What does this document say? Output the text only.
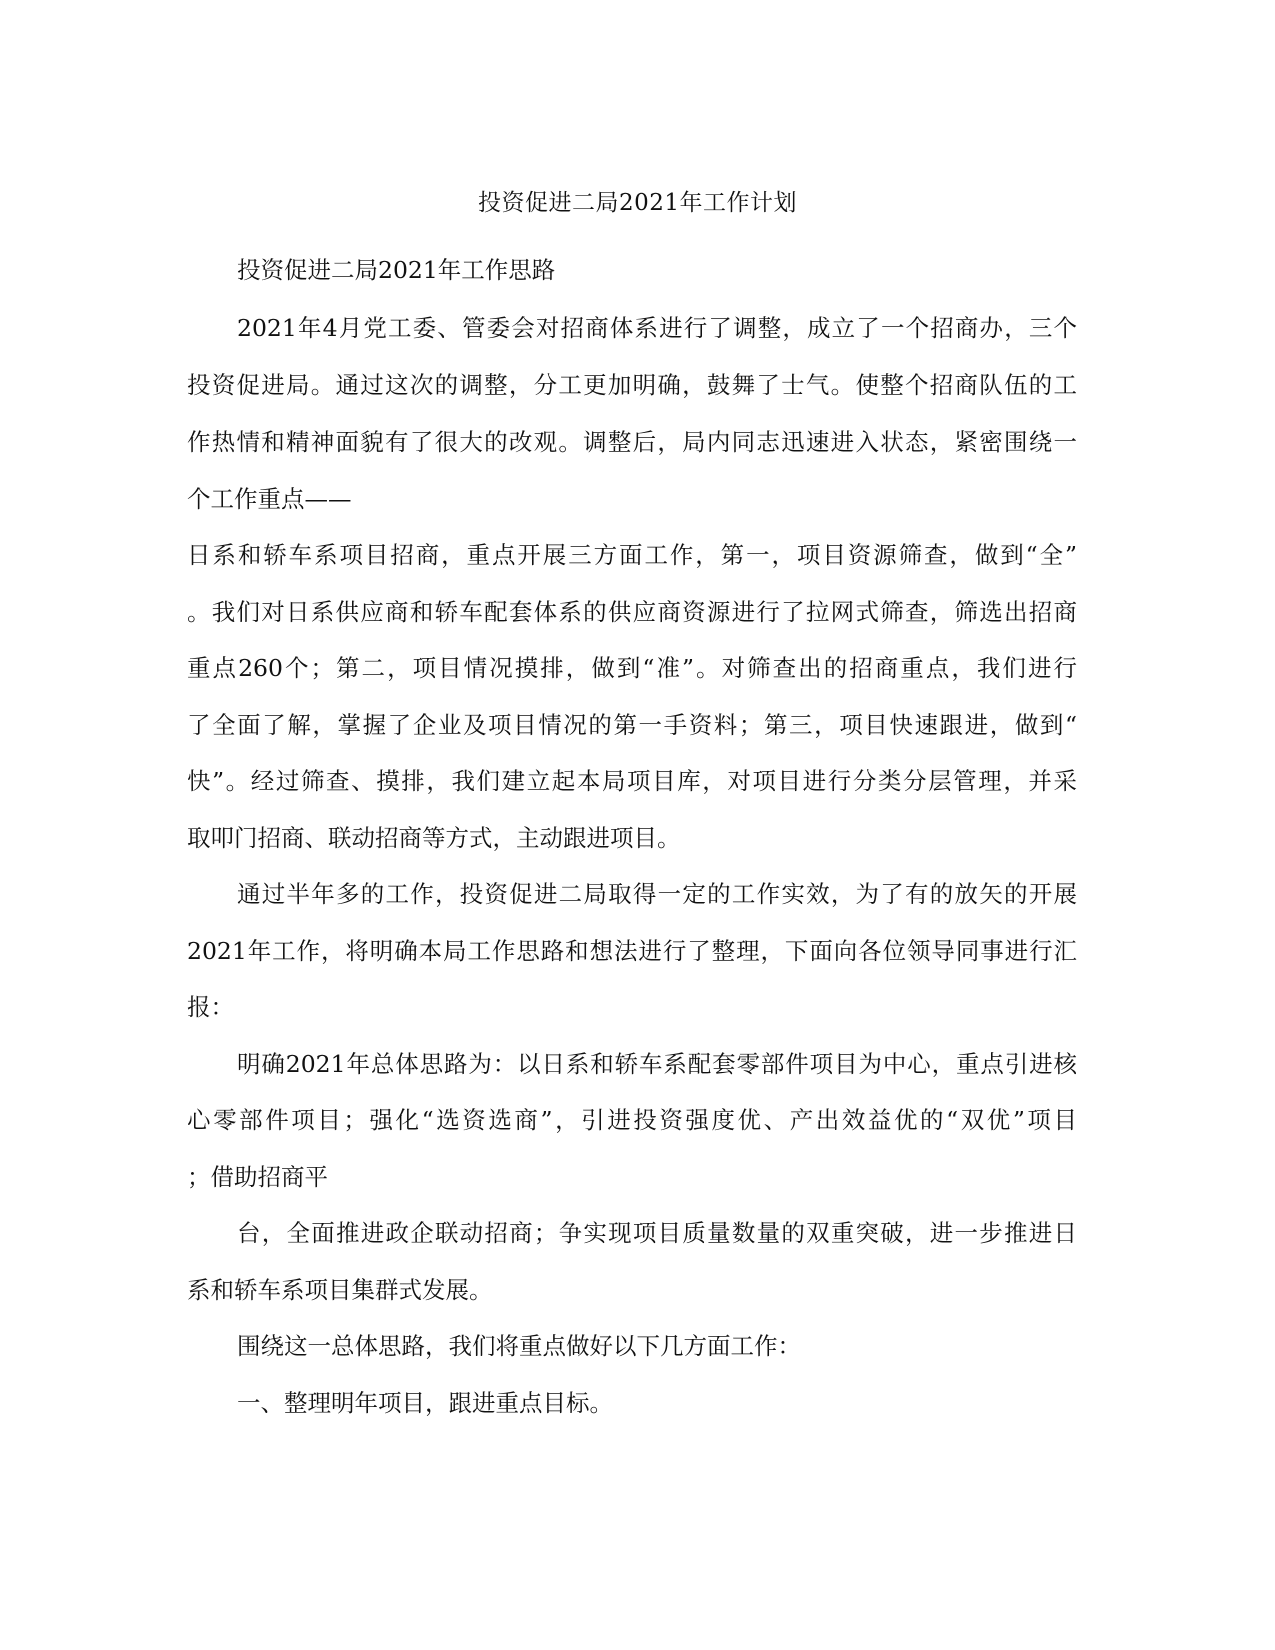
投资促进二局2021年工作计划
投资促进二局2021年工作思路
2021年4月党工委、管委会对招商体系进行了调整，成立了一个招商办，三个
投资促进局。通过这次的调整，分工更加明确，鼓舞了士气。使整个招商队伍的工
作热情和精神面貌有了很大的改观。调整后，局内同志迅速进入状态，紧密围绕一
个工作重点——
日系和轿车系项目招商，重点开展三方面工作，第一，项目资源筛查，做到“全”
。我们对日系供应商和轿车配套体系的供应商资源进行了拉网式筛查，筛选出招商
重点260个；第二，项目情况摸排，做到“准”。对筛查出的招商重点，我们进行
了全面了解，掌握了企业及项目情况的第一手资料；第三，项目快速跟进，做到“
快”。经过筛查、摸排，我们建立起本局项目库，对项目进行分类分层管理，并采
取叩门招商、联动招商等方式，主动跟进项目。
通过半年多的工作，投资促进二局取得一定的工作实效，为了有的放矢的开展
2021年工作，将明确本局工作思路和想法进行了整理，下面向各位领导同事进行汇
报：
明确2021年总体思路为：以日系和轿车系配套零部件项目为中心，重点引进核
心零部件项目；强化“选资选商”，引进投资强度优、产出效益优的“双优”项目
；借助招商平
台，全面推进政企联动招商；争实现项目质量数量的双重突破，进一步推进日
系和轿车系项目集群式发展。
围绕这一总体思路，我们将重点做好以下几方面工作：
一、整理明年项目，跟进重点目标。
